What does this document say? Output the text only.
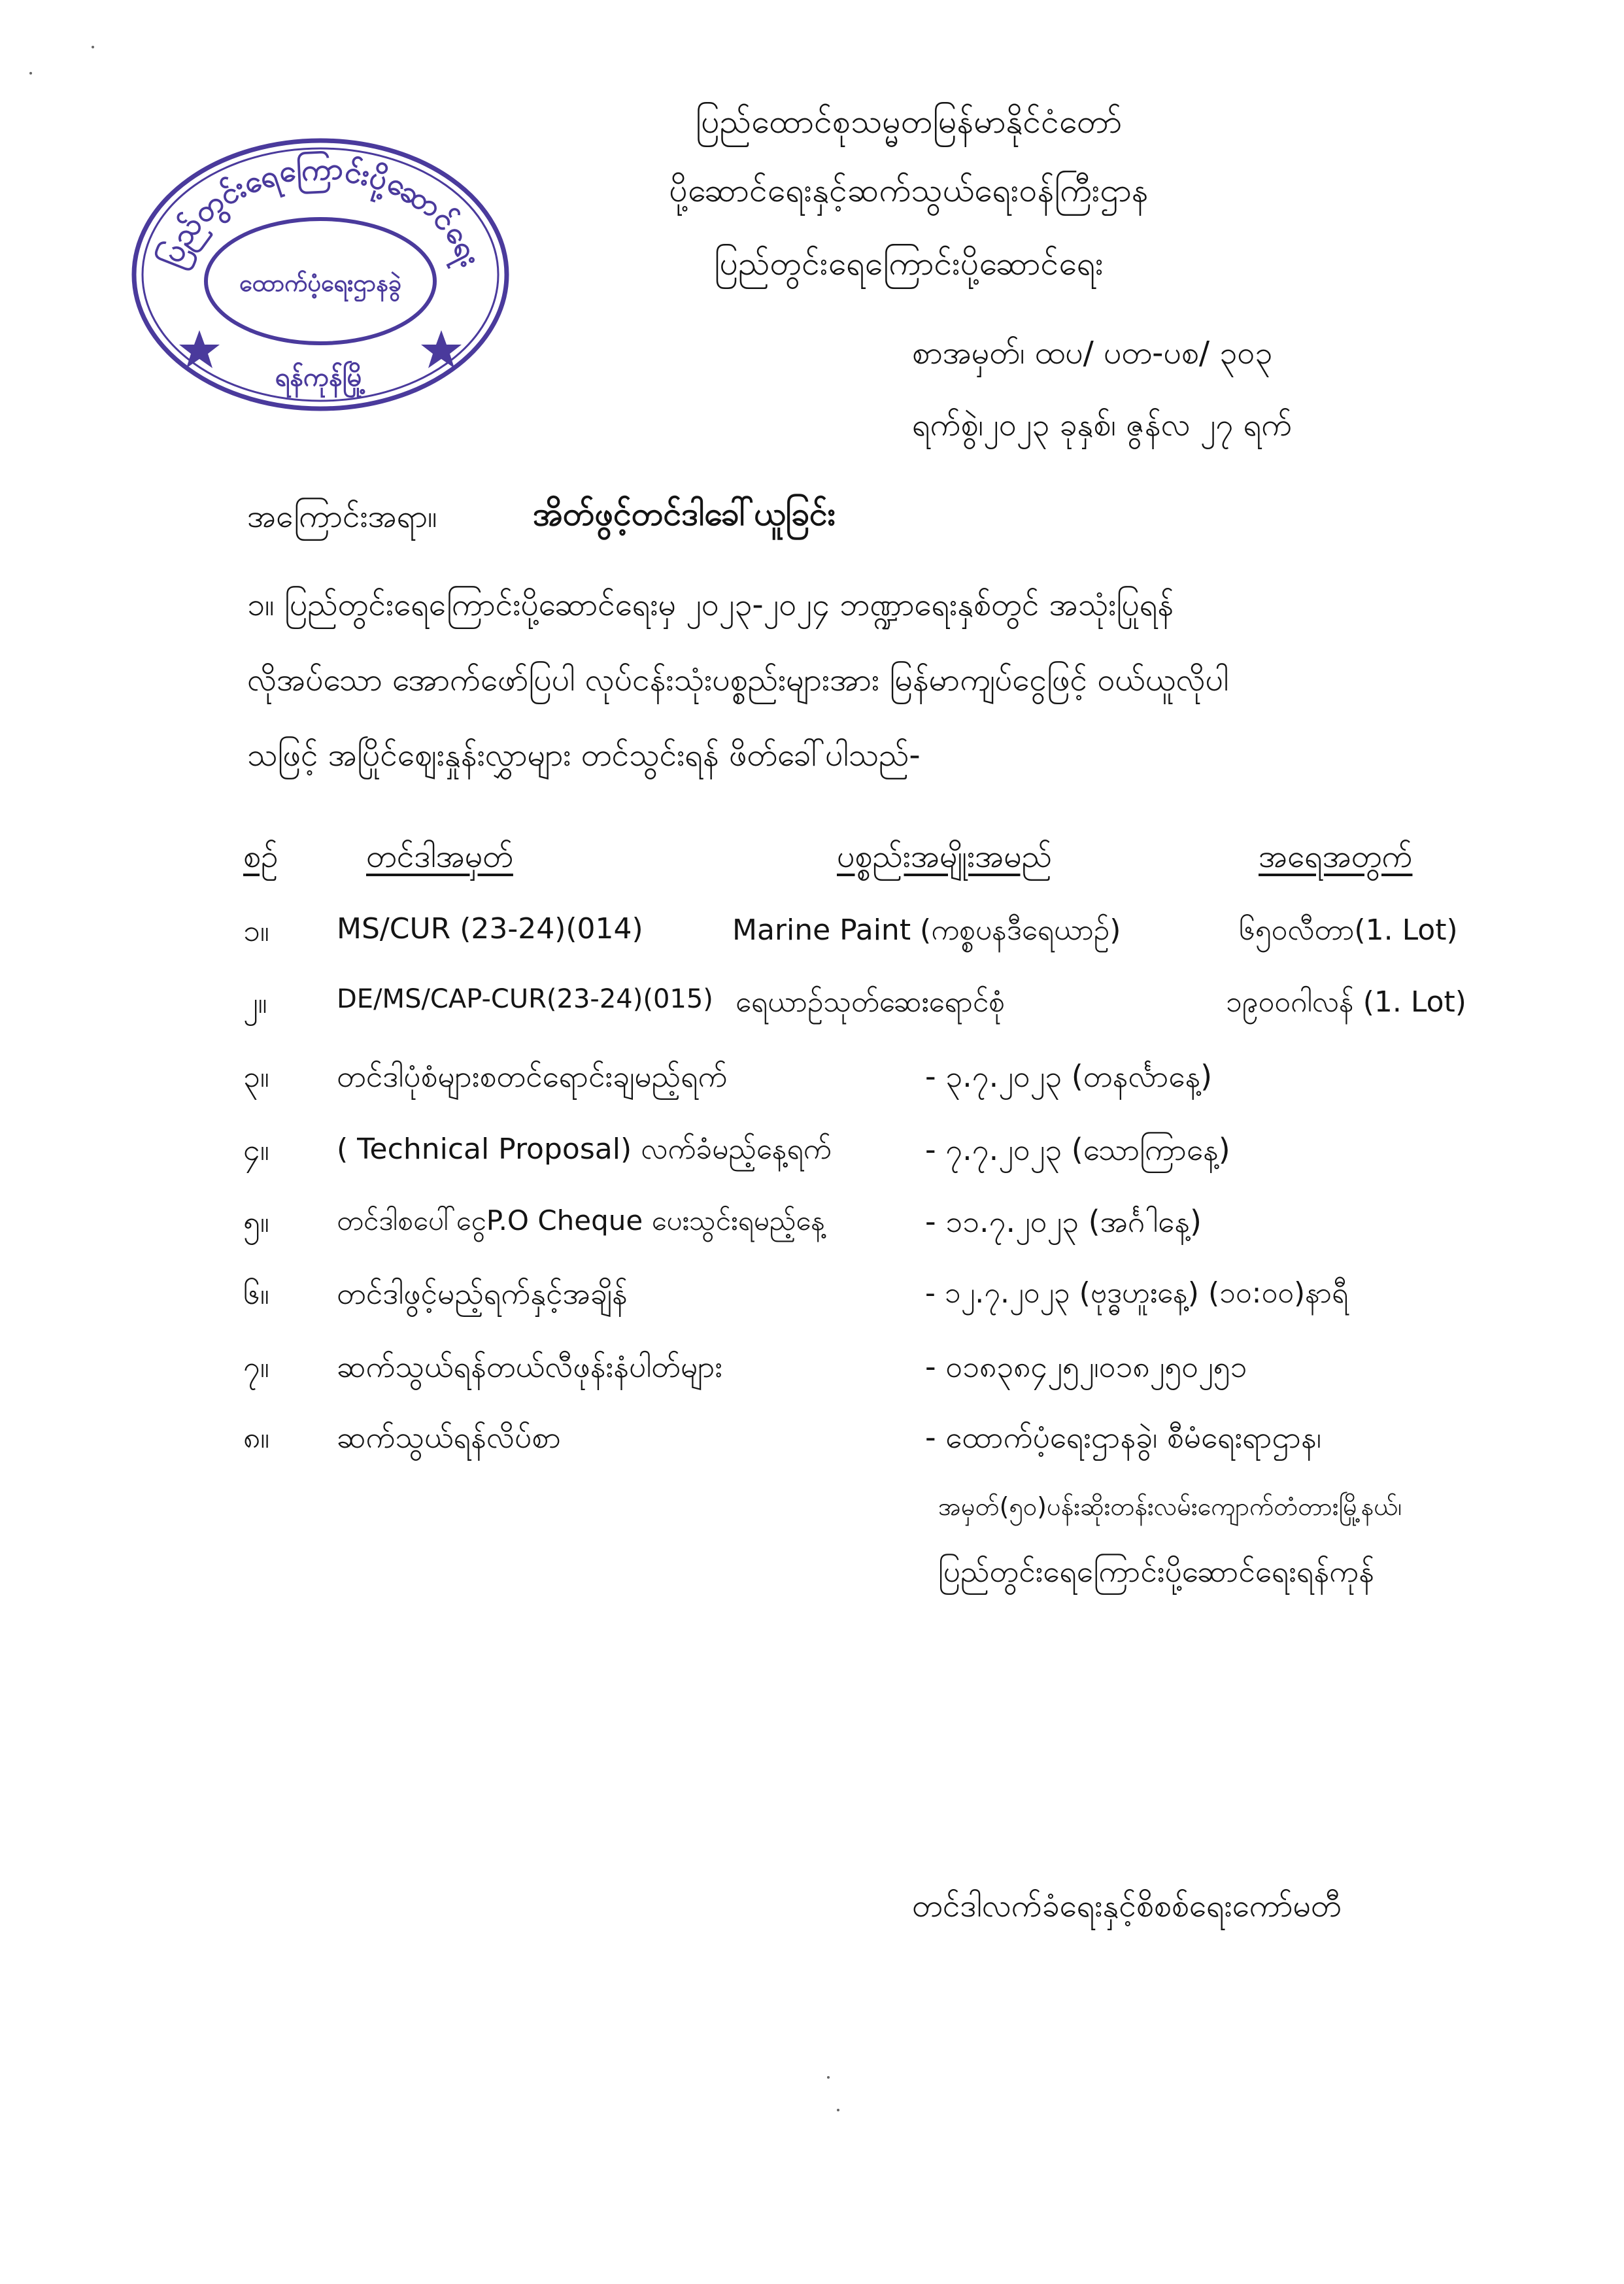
ပြည်တွင်းရေကြောင်းပို့ဆောင်ရေး
ထောက်ပံ့ရေးဌာနခွဲ
ရန်ကုန်မြို့
ပြည်ထောင်စုသမ္မတမြန်မာနိုင်ငံတော်
ပို့ဆောင်ရေးနှင့်ဆက်သွယ်ရေးဝန်ကြီးဌာန
ပြည်တွင်းရေကြောင်းပို့ဆောင်ရေး
စာအမှတ်၊ ထပ/ ပတ-ပစ/ ၃၀၃
ရက်စွဲ၊၂၀၂၃ ခုနှစ်၊ ဇွန်လ ၂၇ ရက်
အကြောင်းအရာ။	အိတ်ဖွင့်တင်ဒါခေါ်ယူခြင်း
၁။ ပြည်တွင်းရေကြောင်းပို့ဆောင်ရေးမှ ၂၀၂၃-၂၀၂၄ ဘဏ္ဍာရေးနှစ်တွင် အသုံးပြုရန်
လိုအပ်သော အောက်ဖော်ပြပါ လုပ်ငန်းသုံးပစ္စည်းများအား မြန်မာကျပ်ငွေဖြင့် ဝယ်ယူလိုပါ
သဖြင့် အပြိုင်ဈေးနှုန်းလွှာများ တင်သွင်းရန် ဖိတ်ခေါ်ပါသည်-
စဉ်	တင်ဒါအမှတ်	ပစ္စည်းအမျိုးအမည်	အရေအတွက်
၁။ MS/CUR (23-24)(014)	Marine Paint (ကစ္စပနဒီရေယာဉ်)	၆၅၀လီတာ(1. Lot)
၂။	DE/MS/CAP-CUR(23-24)(015) ရေယာဉ်သုတ်ဆေးရောင်စုံ	၁၉၀၀ဂါလန် (1. Lot)
၃။ တင်ဒါပုံစံများစတင်ရောင်းချမည့်ရက်	- ၃.၇.၂၀၂၃ (တနင်္လာနေ့)
၄။ ( Technical Proposal) လက်ခံမည့်နေ့ရက်	- ၇.၇.၂၀၂၃ (သောကြာနေ့)
၅။ တင်ဒါစပေါ်ငွေP.O Cheque ပေးသွင်းရမည့်နေ့	- ၁၁.၇.၂၀၂၃ (အင်္ဂါနေ့)
၆။ တင်ဒါဖွင့်မည့်ရက်နှင့်အချိန်	- ၁၂.၇.၂၀၂၃ (ဗုဒ္ဓဟူးနေ့) (၁၀:၀၀)နာရီ
၇။ ဆက်သွယ်ရန်တယ်လီဖုန်းနံပါတ်များ	- ၀၁၈၃၈၄၂၅၂၊၀၁၈၂၅၀၂၅၁
၈။ ဆက်သွယ်ရန်လိပ်စာ	- ထောက်ပံ့ရေးဌာနခွဲ၊ စီမံရေးရာဌာန၊
အမှတ်(၅၀)ပန်းဆိုးတန်းလမ်းကျောက်တံတားမြို့နယ်၊
ပြည်တွင်းရေကြောင်းပို့ဆောင်ရေးရန်ကုန်
တင်ဒါလက်ခံရေးနှင့်စိစစ်ရေးကော်မတီ
